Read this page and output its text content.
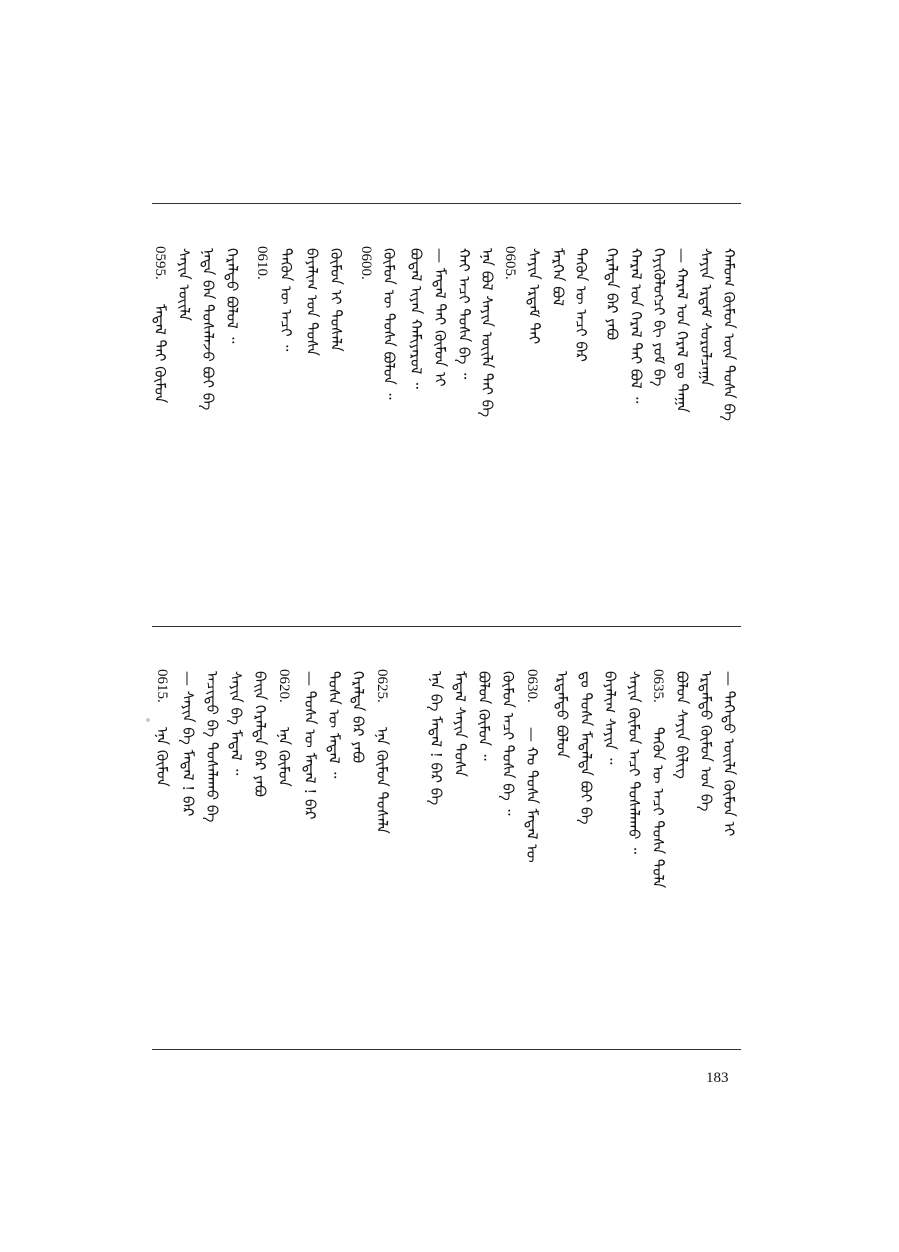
0610.	0605.
0600.	ᠭᠡᠷᠡᠯᠲᠡ ᠪᠠᠷ ᠶᠠᠪᠤ ᠬᠠᠷᠠᠯ ᠤᠨ ᠭᠡᠷᠡᠯ ᠲᠠᠢ ᠪᠣᠯ ᠃ ᠭᠡᠶᠢᠭᠦᠯᠦᠭᠴᠢ ᠪᠢ ᠶᠤᠮ ᠪᠠ — ᠬᠠᠷᠠᠯ ᠤᠨ ᠭᠡᠷᠡᠯ ᠳᠤ ᠳᠠᠭᠠ ᠰᠠᠶᠢᠨ ᠡᠷᠳᠡᠮ ᠰᠤᠷᠤᠯᠴᠠᠭᠠ ᠬᠠᠮᠤᠭ ᠬᠦᠮᠦᠨ ᠦᠨ ᠲᠤᠰᠠ ᠪᠡ
ᠰᠠᠶᠢᠨ ᠡᠷᠳᠡᠮ ᠲᠡᠢ ᠮᠡᠷᠭᠡᠨ ᠪᠣᠯ ᠲᠡᠭᠦᠨ ᠦ ᠠᠴᠢ ᠪᠡᠷ
ᠪᠣᠳᠠᠯ ᠢᠶᠠᠨ ᠬᠠᠮᠢᠶᠠᠷᠤᠯ ᠃ — ᠮᠡᠳᠡᠯ ᠲᠠᠢ ᠬᠦᠮᠦᠨ ᠢ ᠬᠠᠢ ᠠᠴᠢ ᠲᠤᠰᠠ ᠪᠡ ᠃ ᠡᠨᠡ ᠪᠣᠯ ᠰᠠᠶᠢᠨ ᠦᠢᠯᠡ ᠲᠠᠢ ᠪᠠ
ᠪᠠᠶᠠᠯᠢᠭ ᠤᠨ ᠲᠤᠰᠠ ᠬᠦᠮᠦᠨ ᠢ ᠲᠤᠰᠠᠯᠠ ᠬᠦᠮᠦᠨ ᠦ ᠲᠤᠰᠠ ᠪᠤᠯᠤᠨ ᠃
0595.
ᠮᠡᠳᠡᠯ ᠲᠠᠢ ᠬᠦᠮᠦᠨ
ᠰᠠᠶᠢᠨ ᠦᠢᠯᠡ ᠨᠠᠳᠠ ᠪᠠᠨ ᠲᠤᠰᠠᠯᠠᠵᠤ ᠪᠤᠢ ᠪᠠ	ᠲᠡᠭᠦᠨ ᠦ ᠠᠴᠢ ᠃
ᠭᠡᠷᠡᠯᠲᠦ ᠪᠤᠯᠤᠯ ᠃
0635.
0630.
0625.
0620.
0615.	ᠪᠣᠯᠤᠨ ᠰᠠᠶᠢᠨ ᠪᠢᠯᠢᠭ ᠡᠷᠳᠡᠮᠲᠦ ᠬᠦᠮᠦᠨ ᠤᠨ ᠪᠠ — ᠳᠡᠭᠡᠳᠦ ᠦᠢᠯᠡ ᠬᠦᠮᠦᠨ ᠢ
ᠲᠡᠭᠦᠨ ᠦ ᠠᠴᠢ ᠲᠤᠰᠠ ᠲᠤᠯᠠ
ᠰᠠᠶᠢᠨ ᠬᠦᠮᠦᠨ ᠠᠴᠢ ᠲᠤᠰᠠᠯᠠᠬᠤ ᠃
ᠪᠠᠶᠠᠯᠢᠭ ᠰᠠᠶᠢᠨ ᠃
ᠳᠤ ᠲᠤᠰᠠ ᠮᠡᠳᠡᠯᠲᠡ ᠪᠤᠢ ᠪᠠ
ᠡᠷᠳᠡᠮᠲᠦ ᠪᠤᠯᠤᠨ
— ᠬᠤ ᠲᠤᠰᠠ ᠮᠡᠳᠡᠯ ᠦ
ᠬᠦᠮᠦᠨ ᠠᠴᠢ ᠲᠤᠰᠠ ᠪᠠ ᠃
ᠪᠣᠯᠤᠨ ᠬᠦᠮᠦᠨ ᠃
ᠮᠡᠳᠡᠯ ᠰᠠᠶᠢᠨ ᠲᠤᠰᠠ
ᠡᠨᠡ ᠪᠠ ᠮᠡᠳᠡᠯ ! ᠪᠠᠷ ᠪᠠ
ᠡᠨᠡ ᠬᠦᠮᠦᠨ ᠲᠤᠰᠠᠯᠠ
ᠭᠡᠷᠡᠯᠲᠡ ᠪᠠᠷ ᠶᠠᠪᠤ
ᠲᠤᠰᠠ ᠦ ᠮᠡᠳᠡᠯ ᠃
— ᠲᠤᠰᠠ ᠦ ᠮᠡᠳᠡᠯ ! ᠪᠠᠷ
ᠡᠨᠡ ᠬᠦᠮᠦᠨ
ᠪᠠᠢᠨ ᠭᠡᠷᠡᠯᠲᠡ ᠪᠠᠷ ᠶᠠᠪᠤ
ᠰᠠᠶᠢᠨ ᠪᠠ ᠮᠡᠳᠡᠯ ᠃
ᠠᠴᠢᠲᠤ ᠪᠠ ᠲᠤᠰᠠᠯᠠᠬᠤ ᠪᠠ
— ᠰᠠᠶᠢᠨ ᠪᠠ ᠮᠡᠳᠡᠯ ! ᠪᠠᠷ
ᠡᠨᠡ ᠬᠦᠮᠦᠨ
183
